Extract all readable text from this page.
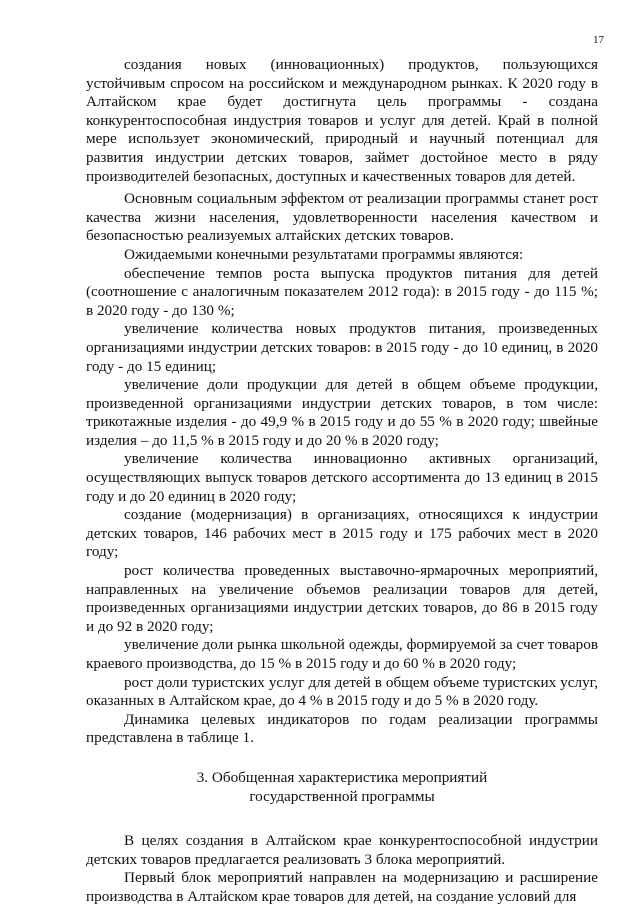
17

создания новых (инновационных) продуктов, пользующихся устойчивым спросом на российском и международном рынках. К 2020 году в Алтайском крае будет достигнута цель программы - создана конкурентоспособная индустрия товаров и услуг для детей. Край в полной мере использует экономический, природный и научный потенциал для развития индустрии детских товаров, займет достойное место в ряду производителей безопасных, доступных и качественных товаров для детей.

Основным социальным эффектом от реализации программы станет рост качества жизни населения, удовлетворенности населения качеством и безопасностью реализуемых алтайских детских товаров.

Ожидаемыми конечными результатами программы являются:

обеспечение темпов роста выпуска продуктов питания для детей (соотношение с аналогичным показателем 2012 года): в 2015 году - до 115 %; в 2020 году - до 130 %;

увеличение количества новых продуктов питания, произведенных организациями индустрии детских товаров: в 2015 году - до 10 единиц, в 2020 году - до 15 единиц;

увеличение доли продукции для детей в общем объеме продукции, произведенной организациями индустрии детских товаров, в том числе: трикотажные изделия - до 49,9 % в 2015 году и до 55 % в 2020 году; швейные изделия – до 11,5 % в 2015 году и до 20 % в 2020 году;

увеличение количества инновационно активных организаций, осуществляющих выпуск товаров детского ассортимента до 13 единиц в 2015 году и до 20 единиц в 2020 году;

создание (модернизация) в организациях, относящихся к индустрии детских товаров, 146 рабочих мест в 2015 году и 175 рабочих мест в 2020 году;

рост количества проведенных выставочно-ярмарочных мероприятий, направленных на увеличение объемов реализации товаров для детей, произведенных организациями индустрии детских товаров, до 86 в 2015 году и до 92 в 2020 году;

увеличение доли рынка школьной одежды, формируемой за счет товаров краевого производства, до 15 % в 2015 году и до 60 % в 2020 году;

рост доли туристских услуг для детей в общем объеме туристских услуг, оказанных в Алтайском крае, до 4 % в 2015 году и до 5 % в 2020 году.

Динамика целевых индикаторов по годам реализации программы представлена в таблице 1.

3. Обобщенная характеристика мероприятий
государственной программы

В целях создания в Алтайском крае конкурентоспособной индустрии детских товаров предлагается реализовать 3 блока мероприятий.

Первый блок мероприятий направлен на модернизацию и расширение производства в Алтайском крае товаров для детей, на создание условий для
